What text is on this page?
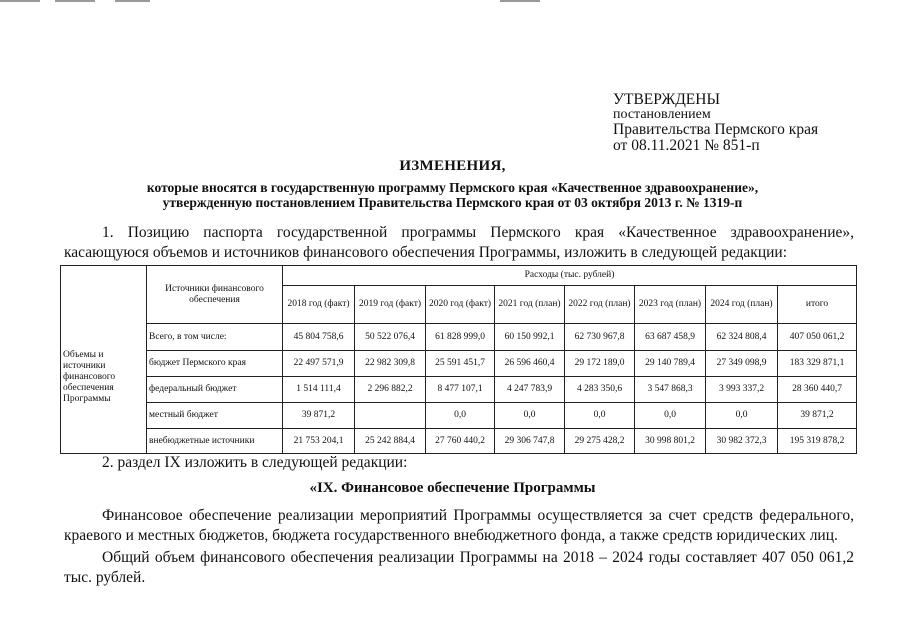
УТВЕРЖДЕНЫ
постановлением
Правительства Пермского края
от 08.11.2021 № 851-п
ИЗМЕНЕНИЯ,
которые вносятся в государственную программу Пермского края «Качественное здравоохранение»,
утвержденную постановлением Правительства Пермского края от 03 октября 2013 г. № 1319-п
1. Позицию паспорта государственной программы Пермского края «Качественное здравоохранение», касающуюся объемов и источников финансового обеспечения Программы, изложить в следующей редакции:
Объемы и источники финансового обеспечения Программы	Источники финансового обеспечения	Расходы (тыс. рублей)							
		2018 год (факт)	2019 год (факт)	2020 год (факт)	2021 год (план)	2022 год (план)	2023 год (план)	2024 год (план)	итого
	Всего, в том числе:	45 804 758,6	50 522 076,4	61 828 999,0	60 150 992,1	62 730 967,8	63 687 458,9	62 324 808,4	407 050 061,2
	бюджет Пермского края	22 497 571,9	22 982 309,8	25 591 451,7	26 596 460,4	29 172 189,0	29 140 789,4	27 349 098,9	183 329 871,1
	федеральный бюджет	1 514 111,4	2 296 882,2	8 477 107,1	4 247 783,9	4 283 350,6	3 547 868,3	3 993 337,2	28 360 440,7
	местный бюджет	39 871,2		0,0	0,0	0,0	0,0	0,0	39 871,2
	внебюджетные источники	21 753 204,1	25 242 884,4	27 760 440,2	29 306 747,8	29 275 428,2	30 998 801,2	30 982 372,3	195 319 878,2
2. раздел IX изложить в следующей редакции:
«IX. Финансовое обеспечение Программы
Финансовое обеспечение реализации мероприятий Программы осуществляется за счет средств федерального, краевого и местных бюджетов, бюджета государственного внебюджетного фонда, а также средств юридических лиц.
Общий объем финансового обеспечения реализации Программы на 2018 – 2024 годы составляет 407 050 061,2 тыс. рублей.
